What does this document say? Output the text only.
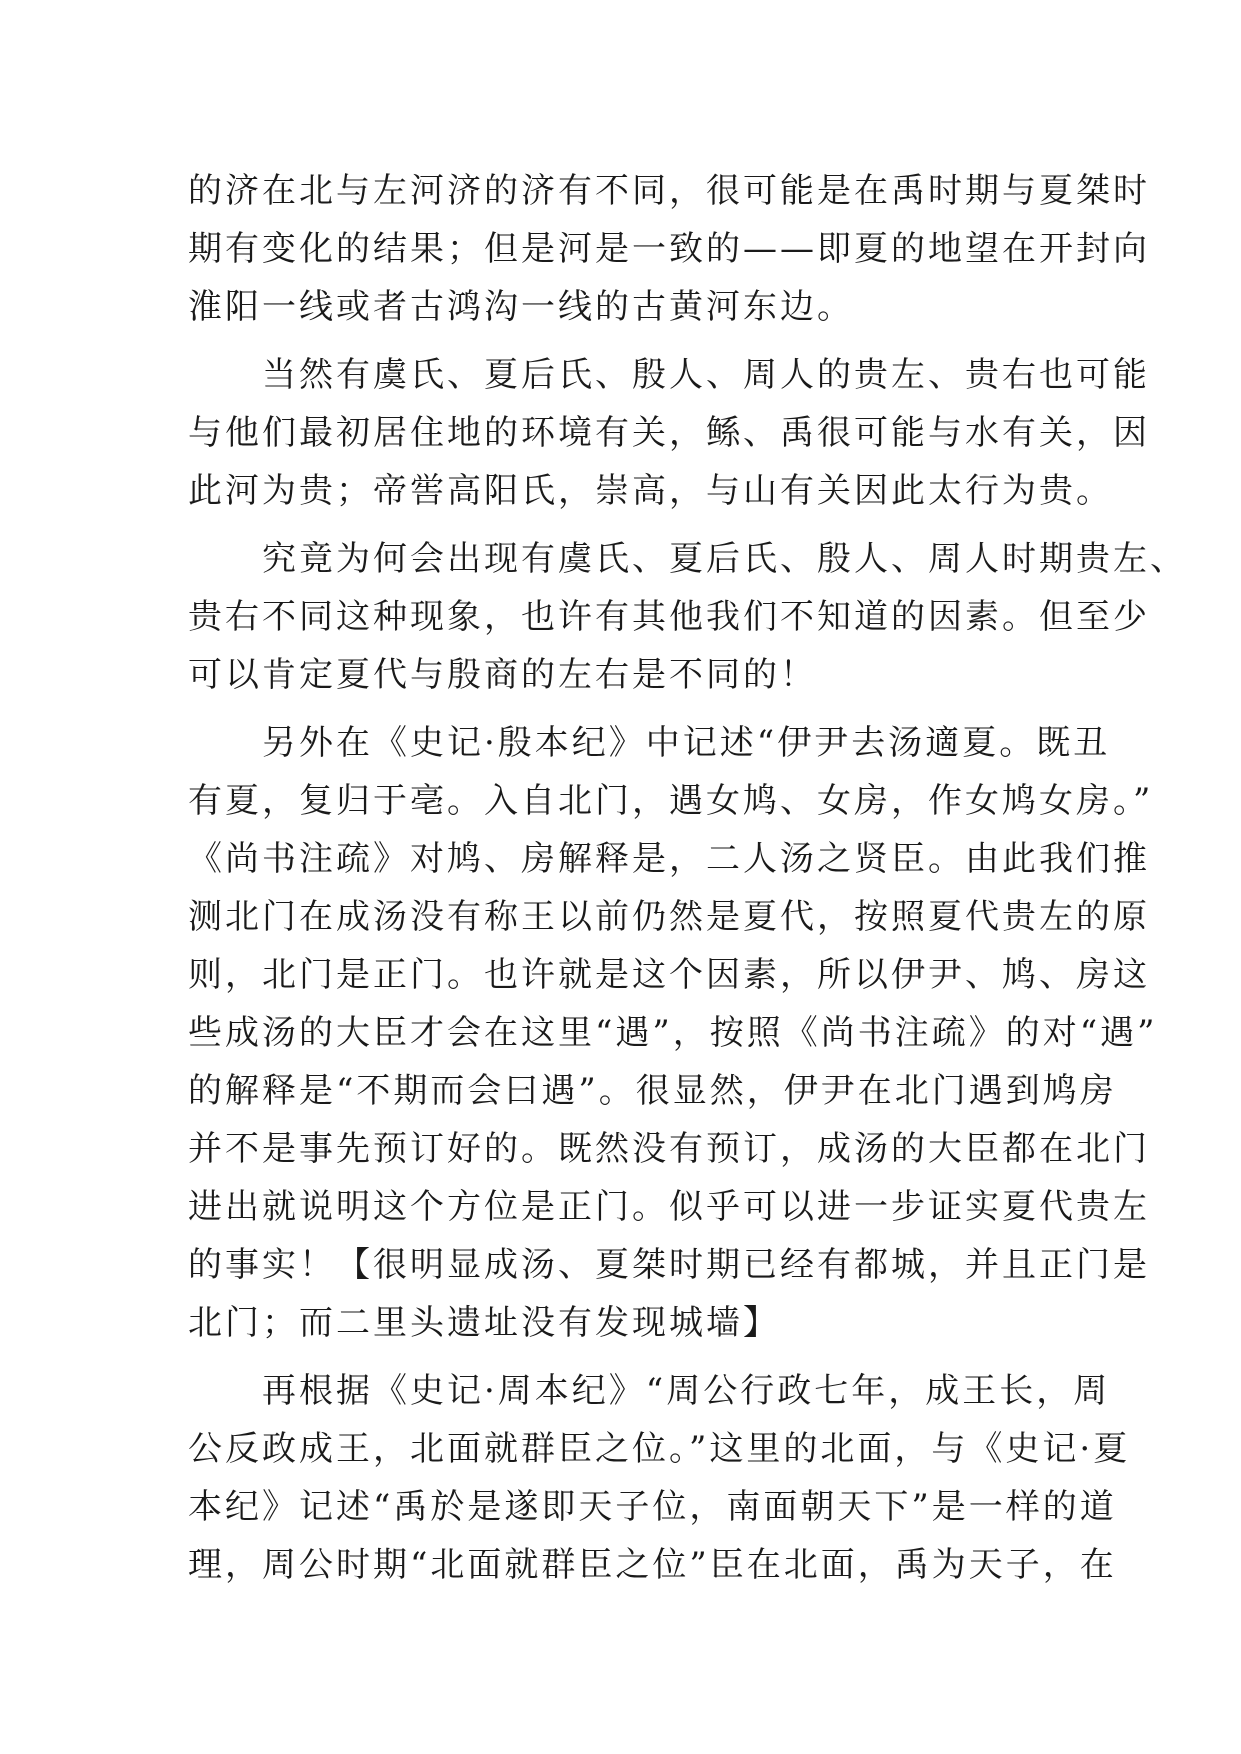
的济在北与左河济的济有不同，很可能是在禹时期与夏桀时
期有变化的结果；但是河是一致的——即夏的地望在开封向
淮阳一线或者古鸿沟一线的古黄河东边。
　　当然有虞氏、夏后氏、殷人、周人的贵左、贵右也可能
与他们最初居住地的环境有关，鲧、禹很可能与水有关，因
此河为贵；帝喾高阳氏，崇高，与山有关因此太行为贵。
　　究竟为何会出现有虞氏、夏后氏、殷人、周人时期贵左、
贵右不同这种现象，也许有其他我们不知道的因素。但至少
可以肯定夏代与殷商的左右是不同的！
　　另外在《史记·殷本纪》中记述“伊尹去汤適夏。既丑
有夏，复归于亳。入自北门，遇女鸠、女房，作女鸠女房。”
《尚书注疏》对鸠、房解释是，二人汤之贤臣。由此我们推
测北门在成汤没有称王以前仍然是夏代，按照夏代贵左的原
则，北门是正门。也许就是这个因素，所以伊尹、鸠、房这
些成汤的大臣才会在这里“遇”，按照《尚书注疏》的对“遇”
的解释是“不期而会曰遇”。很显然，伊尹在北门遇到鸠房
并不是事先预订好的。既然没有预订，成汤的大臣都在北门
进出就说明这个方位是正门。似乎可以进一步证实夏代贵左
的事实！【很明显成汤、夏桀时期已经有都城，并且正门是
北门；而二里头遗址没有发现城墙】
　　再根据《史记·周本纪》“周公行政七年，成王长，周
公反政成王，北面就群臣之位。”这里的北面，与《史记·夏
本纪》记述“禹於是遂即天子位，南面朝天下”是一样的道
理，周公时期“北面就群臣之位”臣在北面，禹为天子，在
